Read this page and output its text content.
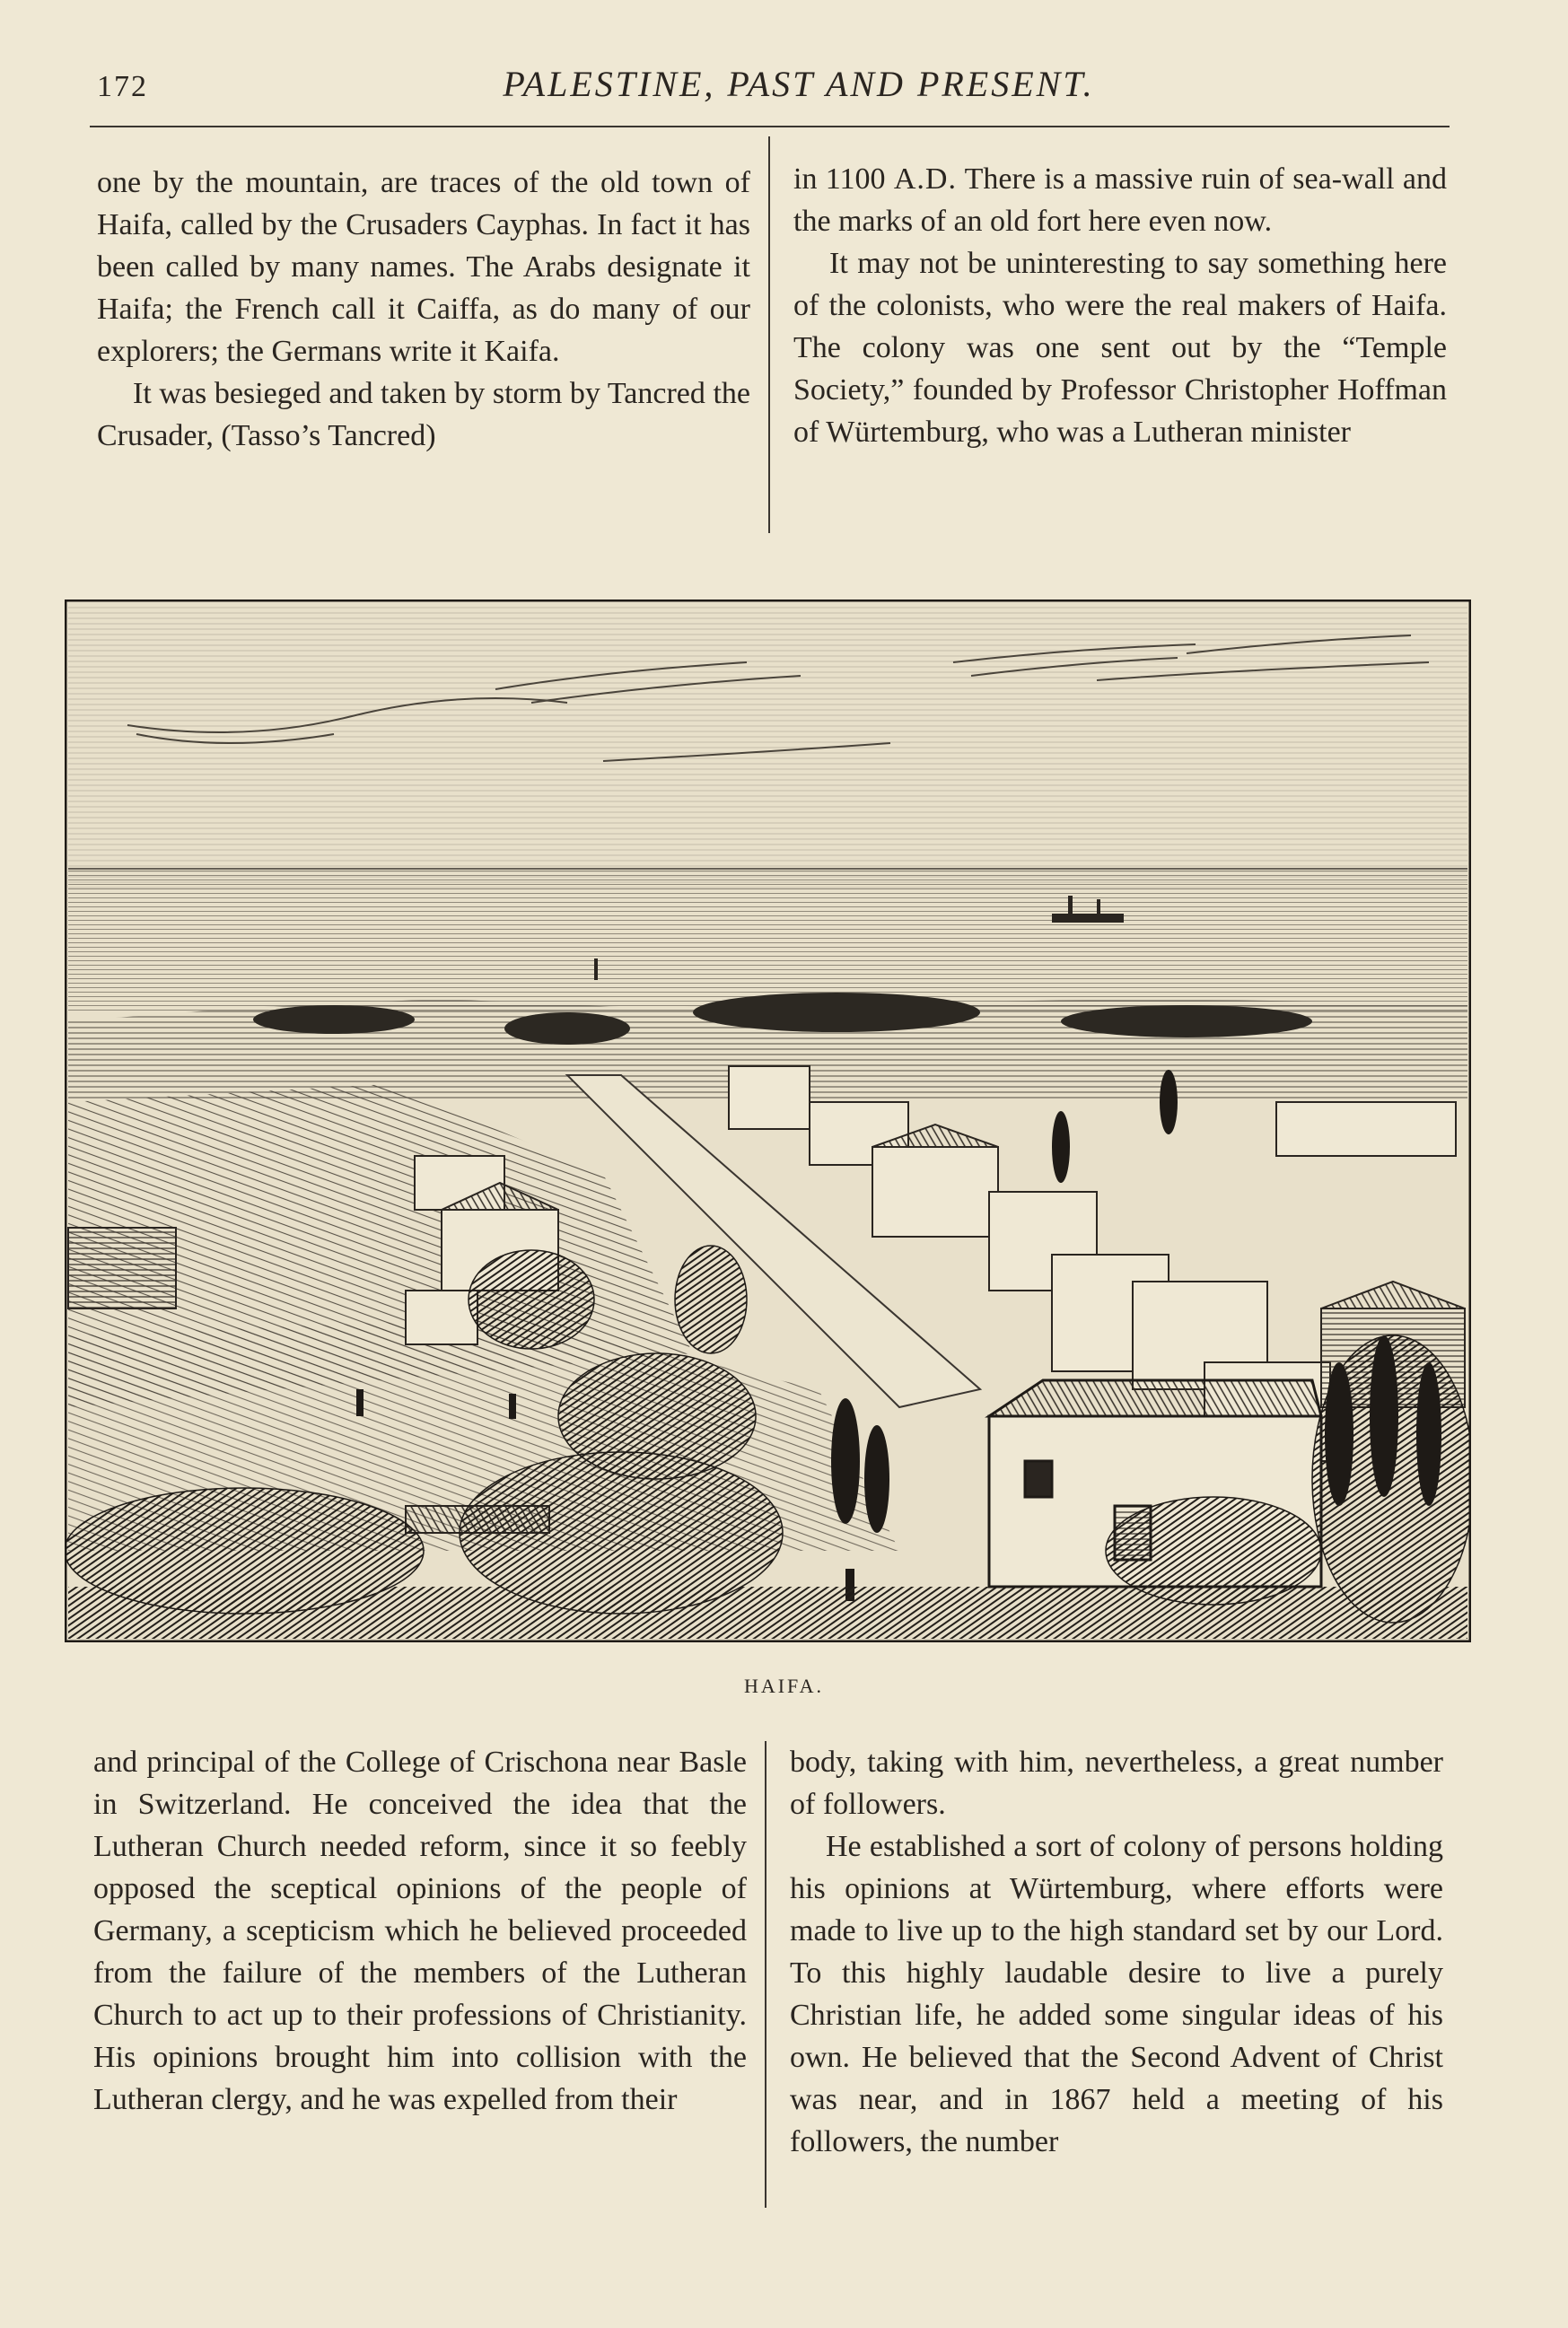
172	PALESTINE, PAST AND PRESENT.

one by the mountain, are traces of the old town of Haifa, called by the Crusaders Cayphas. In fact it has been called by many names. The Arabs designate it Haifa; the French call it Caiffa, as do many of our explorers; the Germans write it Kaifa.

It was besieged and taken by storm by Tancred the Crusader, (Tasso’s Tancred)

in 1100 A.D. There is a massive ruin of sea-wall and the marks of an old fort here even now.

It may not be uninteresting to say something here of the colonists, who were the real makers of Haifa. The colony was one sent out by the “Temple Society,” founded by Professor Christopher Hoffman of Würtemburg, who was a Lutheran minister

HAIFA.

and principal of the College of Crischona near Basle in Switzerland. He conceived the idea that the Lutheran Church needed reform, since it so feebly opposed the sceptical opinions of the people of Germany, a scepticism which he believed proceeded from the failure of the members of the Lutheran Church to act up to their professions of Christianity. His opinions brought him into collision with the Lutheran clergy, and he was expelled from their

body, taking with him, nevertheless, a great number of followers.

He established a sort of colony of persons holding his opinions at Würtemburg, where efforts were made to live up to the high standard set by our Lord. To this highly laudable desire to live a purely Christian life, he added some singular ideas of his own. He believed that the Second Advent of Christ was near, and in 1867 held a meeting of his followers, the number
